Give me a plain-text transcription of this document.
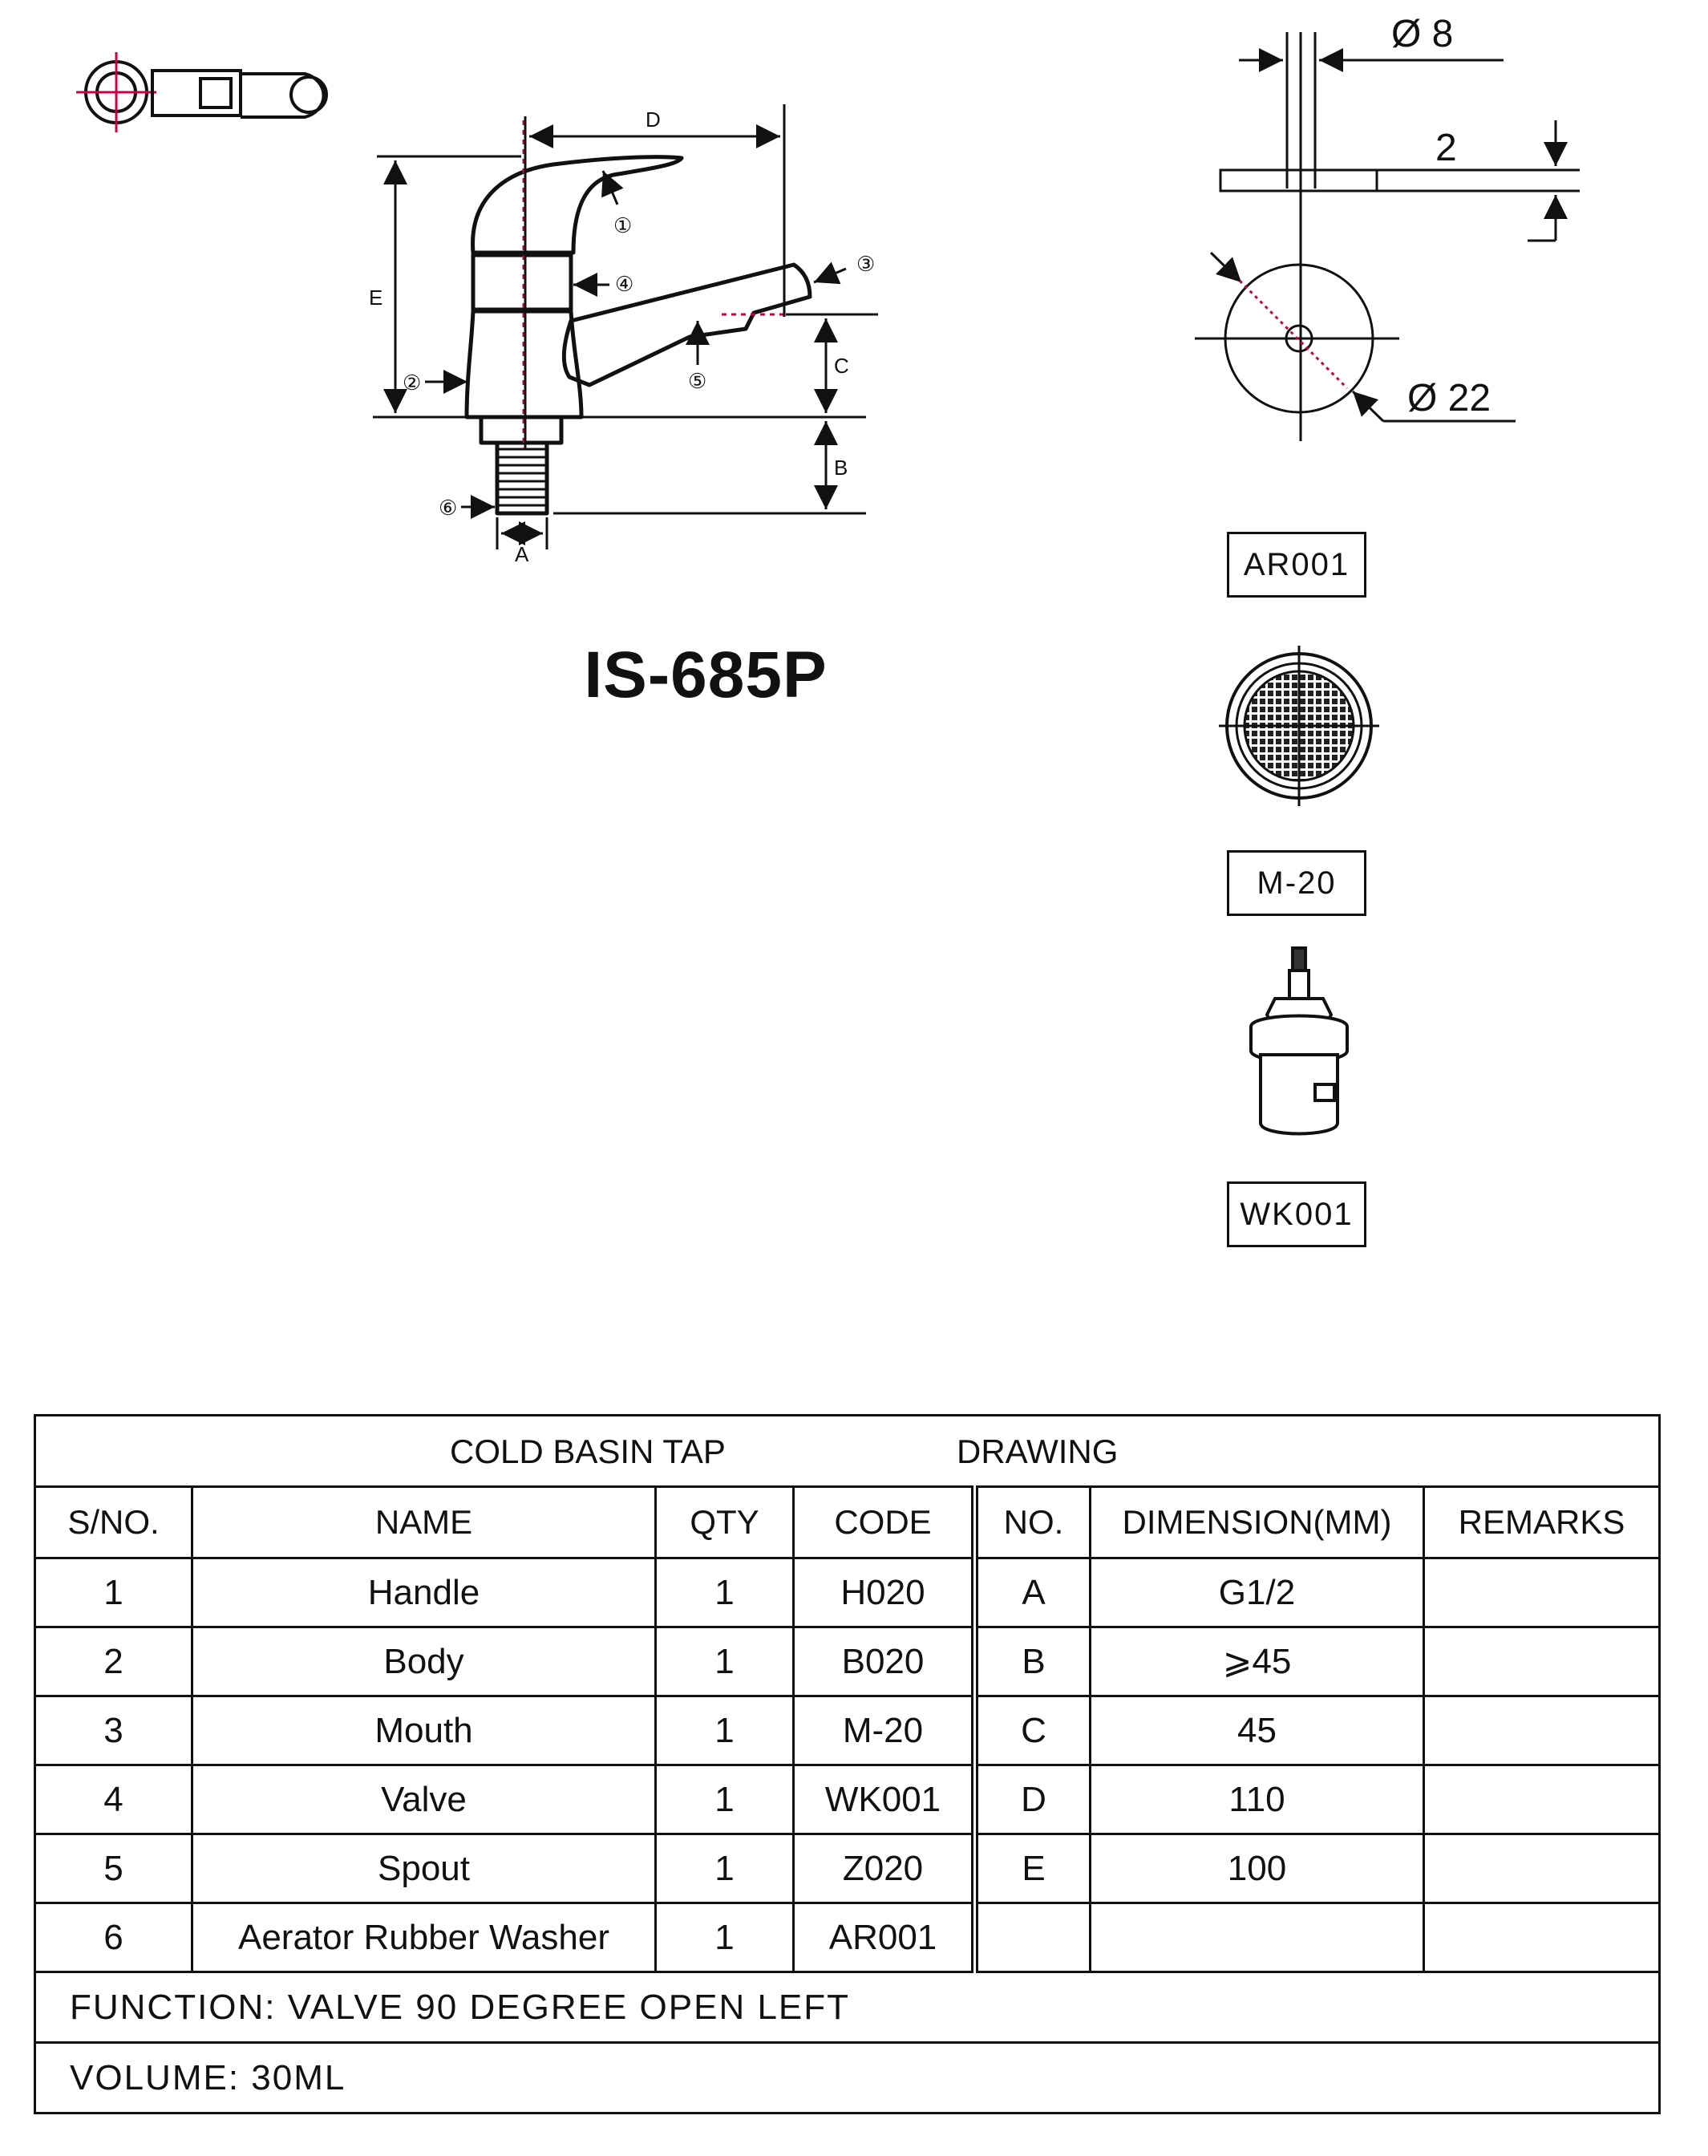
D
E
C
B
A
①
②
③
④
⑤
⑥
Ø 8
2
Ø 22
AR001
M-20
WK001
IS-685P
COLD BASIN TAP DRAWING						

S/NO.	NAME	QTY	CODE	NO.	DIMENSION(MM)	REMARKS
1	Handle	1	H020	A	G1/2	
2	Body	1	B020	B	⩾45	
3	Mouth	1	M-20	C	45	
4	Valve	1	WK001	D	110	
5	Spout	1	Z020	E	100	
6	Aerator Rubber Washer	1	AR001			
FUNCTION: VALVE 90 DEGREE OPEN LEFT						
VOLUME: 30ML						
